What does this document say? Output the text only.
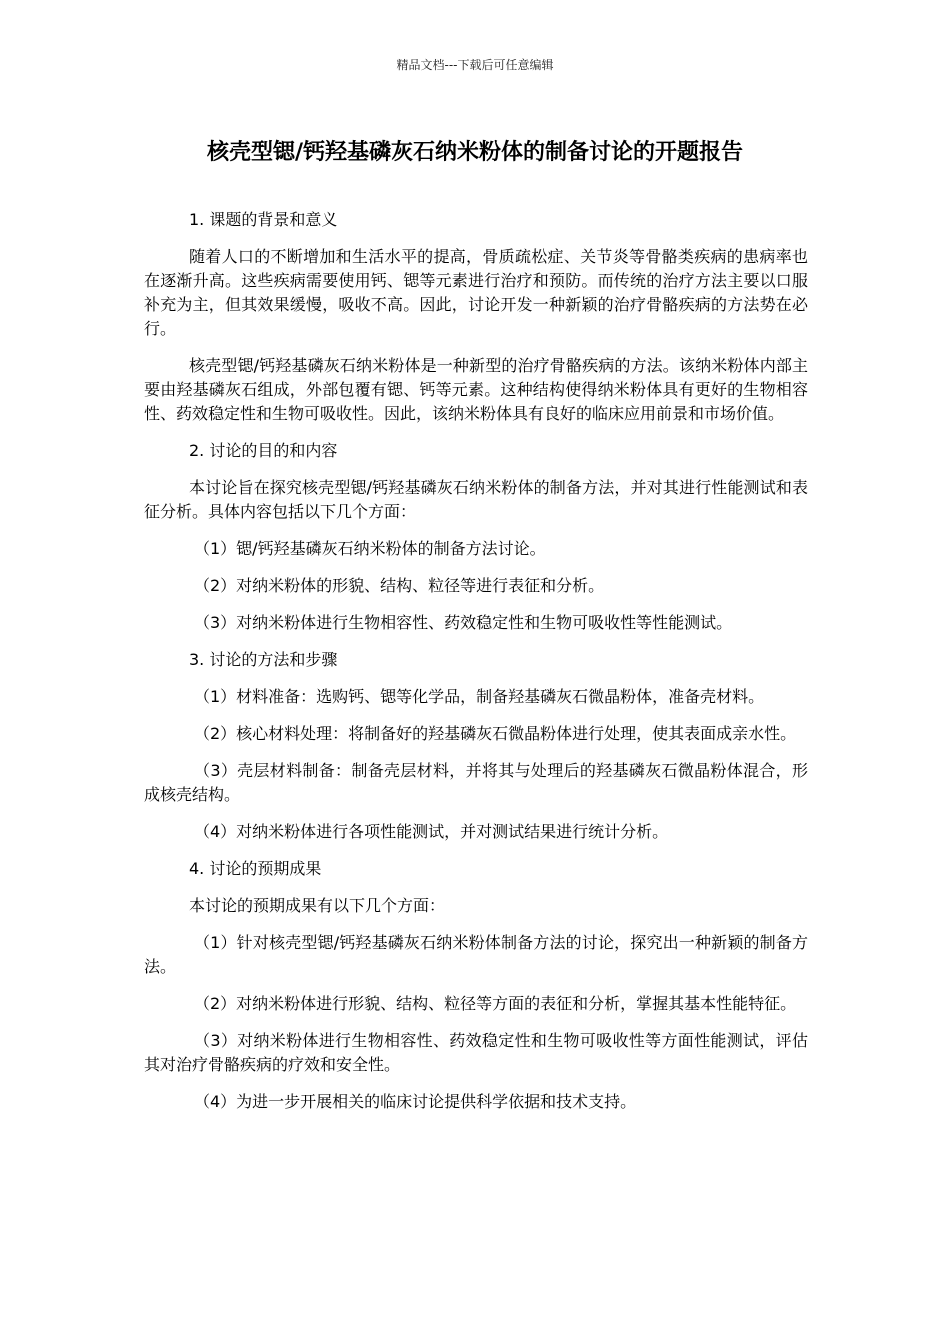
精品文档---下载后可任意编辑
核壳型锶/钙羟基磷灰石纳米粉体的制备讨论的开题报告

1. 课题的背景和意义

随着人口的不断增加和生活水平的提高，骨质疏松症、关节炎等骨骼类疾病的患病率也在逐渐升高。这些疾病需要使用钙、锶等元素进行治疗和预防。而传统的治疗方法主要以口服补充为主，但其效果缓慢，吸收不高。因此，讨论开发一种新颖的治疗骨骼疾病的方法势在必行。

核壳型锶/钙羟基磷灰石纳米粉体是一种新型的治疗骨骼疾病的方法。该纳米粉体内部主要由羟基磷灰石组成，外部包覆有锶、钙等元素。这种结构使得纳米粉体具有更好的生物相容性、药效稳定性和生物可吸收性。因此，该纳米粉体具有良好的临床应用前景和市场价值。

2. 讨论的目的和内容

本讨论旨在探究核壳型锶/钙羟基磷灰石纳米粉体的制备方法，并对其进行性能测试和表征分析。具体内容包括以下几个方面：

（1）锶/钙羟基磷灰石纳米粉体的制备方法讨论。

（2）对纳米粉体的形貌、结构、粒径等进行表征和分析。

（3）对纳米粉体进行生物相容性、药效稳定性和生物可吸收性等性能测试。

3. 讨论的方法和步骤

（1）材料准备：选购钙、锶等化学品，制备羟基磷灰石微晶粉体，准备壳材料。

（2）核心材料处理：将制备好的羟基磷灰石微晶粉体进行处理，使其表面成亲水性。

（3）壳层材料制备：制备壳层材料，并将其与处理后的羟基磷灰石微晶粉体混合，形成核壳结构。

（4）对纳米粉体进行各项性能测试，并对测试结果进行统计分析。

4. 讨论的预期成果

本讨论的预期成果有以下几个方面：

（1）针对核壳型锶/钙羟基磷灰石纳米粉体制备方法的讨论，探究出一种新颖的制备方法。

（2）对纳米粉体进行形貌、结构、粒径等方面的表征和分析，掌握其基本性能特征。

（3）对纳米粉体进行生物相容性、药效稳定性和生物可吸收性等方面性能测试，评估其对治疗骨骼疾病的疗效和安全性。

（4）为进一步开展相关的临床讨论提供科学依据和技术支持。
